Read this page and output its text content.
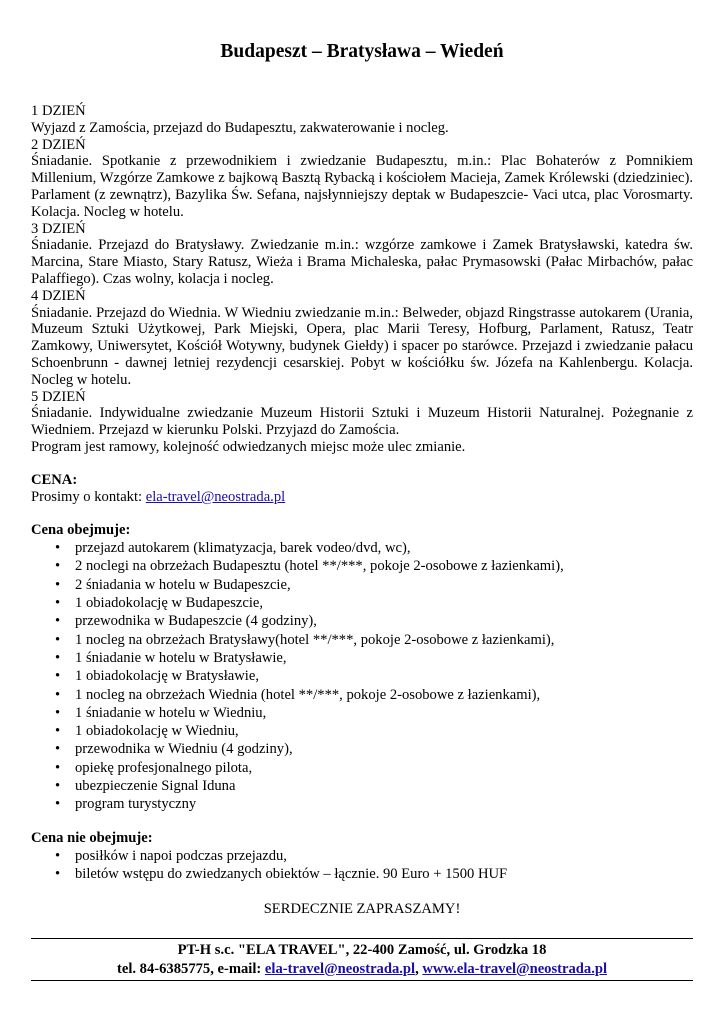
Budapeszt – Bratysława – Wiedeń
1 DZIEŃ
Wyjazd z Zamościa, przejazd do Budapesztu, zakwaterowanie i nocleg.
2 DZIEŃ
Śniadanie. Spotkanie z przewodnikiem i zwiedzanie Budapesztu, m.in.: Plac Bohaterów z Pomnikiem Millenium, Wzgórze Zamkowe z bajkową Basztą Rybacką i kościołem Macieja, Zamek Królewski (dziedziniec). Parlament (z zewnątrz), Bazylika Św. Sefana, najsłynniejszy deptak w Budapeszcie- Vaci utca, plac Vorosmarty. Kolacja. Nocleg w hotelu.
3 DZIEŃ
Śniadanie. Przejazd do Bratysławy. Zwiedzanie m.in.: wzgórze zamkowe i Zamek Bratysławski, katedra św. Marcina, Stare Miasto, Stary Ratusz, Wieża i Brama Michaleska, pałac Prymasowski (Pałac Mirbachów, pałac Palaffiego). Czas wolny, kolacja i nocleg.
4 DZIEŃ
Śniadanie. Przejazd do Wiednia. W Wiedniu zwiedzanie m.in.: Belweder, objazd Ringstrasse autokarem (Urania, Muzeum Sztuki Użytkowej, Park Miejski, Opera, plac Marii Teresy, Hofburg, Parlament, Ratusz, Teatr Zamkowy, Uniwersytet, Kościół Wotywny, budynek Giełdy) i spacer po starówce. Przejazd i zwiedzanie pałacu Schoenbrunn - dawnej letniej rezydencji cesarskiej. Pobyt w kościółku św. Józefa na Kahlenbergu. Kolacja. Nocleg w hotelu.
5 DZIEŃ
Śniadanie. Indywidualne zwiedzanie Muzeum Historii Sztuki i Muzeum Historii Naturalnej. Pożegnanie z Wiedniem. Przejazd w kierunku Polski. Przyjazd do Zamościa.
Program jest ramowy, kolejność odwiedzanych miejsc może ulec zmianie.
CENA:
Prosimy o kontakt: ela-travel@neostrada.pl
Cena obejmuje:
• przejazd autokarem (klimatyzacja, barek vodeo/dvd, wc),
• 2 noclegi na obrzeżach Budapesztu (hotel **/***, pokoje 2-osobowe z łazienkami),
• 2 śniadania w hotelu w Budapeszcie,
• 1 obiadokolację w Budapeszcie,
• przewodnika w Budapeszcie (4 godziny),
• 1 nocleg na obrzeżach Bratysławy(hotel **/***, pokoje 2-osobowe z łazienkami),
• 1 śniadanie w hotelu w Bratysławie,
• 1 obiadokolację w Bratysławie,
• 1 nocleg na obrzeżach Wiednia (hotel **/***, pokoje 2-osobowe z łazienkami),
• 1 śniadanie w hotelu w Wiedniu,
• 1 obiadokolację w Wiedniu,
• przewodnika w Wiedniu (4 godziny),
• opiekę profesjonalnego pilota,
• ubezpieczenie Signal Iduna
• program turystyczny
Cena nie obejmuje:
• posiłków i napoi podczas przejazdu,
• biletów wstępu do zwiedzanych obiektów – łącznie. 90 Euro + 1500 HUF
SERDECZNIE ZAPRASZAMY!
PT-H s.c. "ELA TRAVEL", 22-400 Zamość, ul. Grodzka 18
tel. 84-6385775, e-mail: ela-travel@neostrada.pl, www.ela-travel@neostrada.pl
